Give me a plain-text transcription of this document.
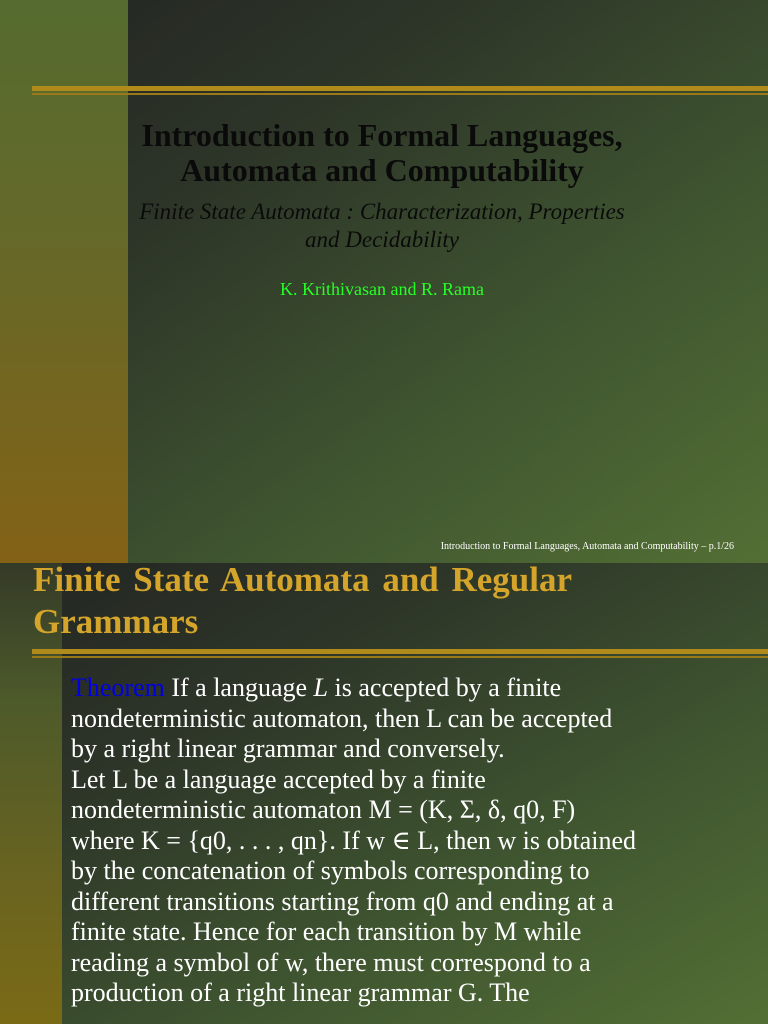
Introduction to Formal Languages,
Automata and Computability
Finite State Automata : Characterization, Properties
and Decidability
K. Krithivasan and R. Rama
Introduction to Formal Languages, Automata and Computability – p.1/26
Finite State Automata and Regular
Grammars
Theorem If a language L is accepted by a finite
nondeterministic automaton, then L can be accepted
by a right linear grammar and conversely.
Let L be a language accepted by a finite
nondeterministic automaton M = (K, Σ, δ, q0, F)
where K = {q0, . . . , qn}. If w ∈ L, then w is obtained
by the concatenation of symbols corresponding to
different transitions starting from q0 and ending at a
finite state. Hence for each transition by M while
reading a symbol of w, there must correspond to a
production of a right linear grammar G. The
